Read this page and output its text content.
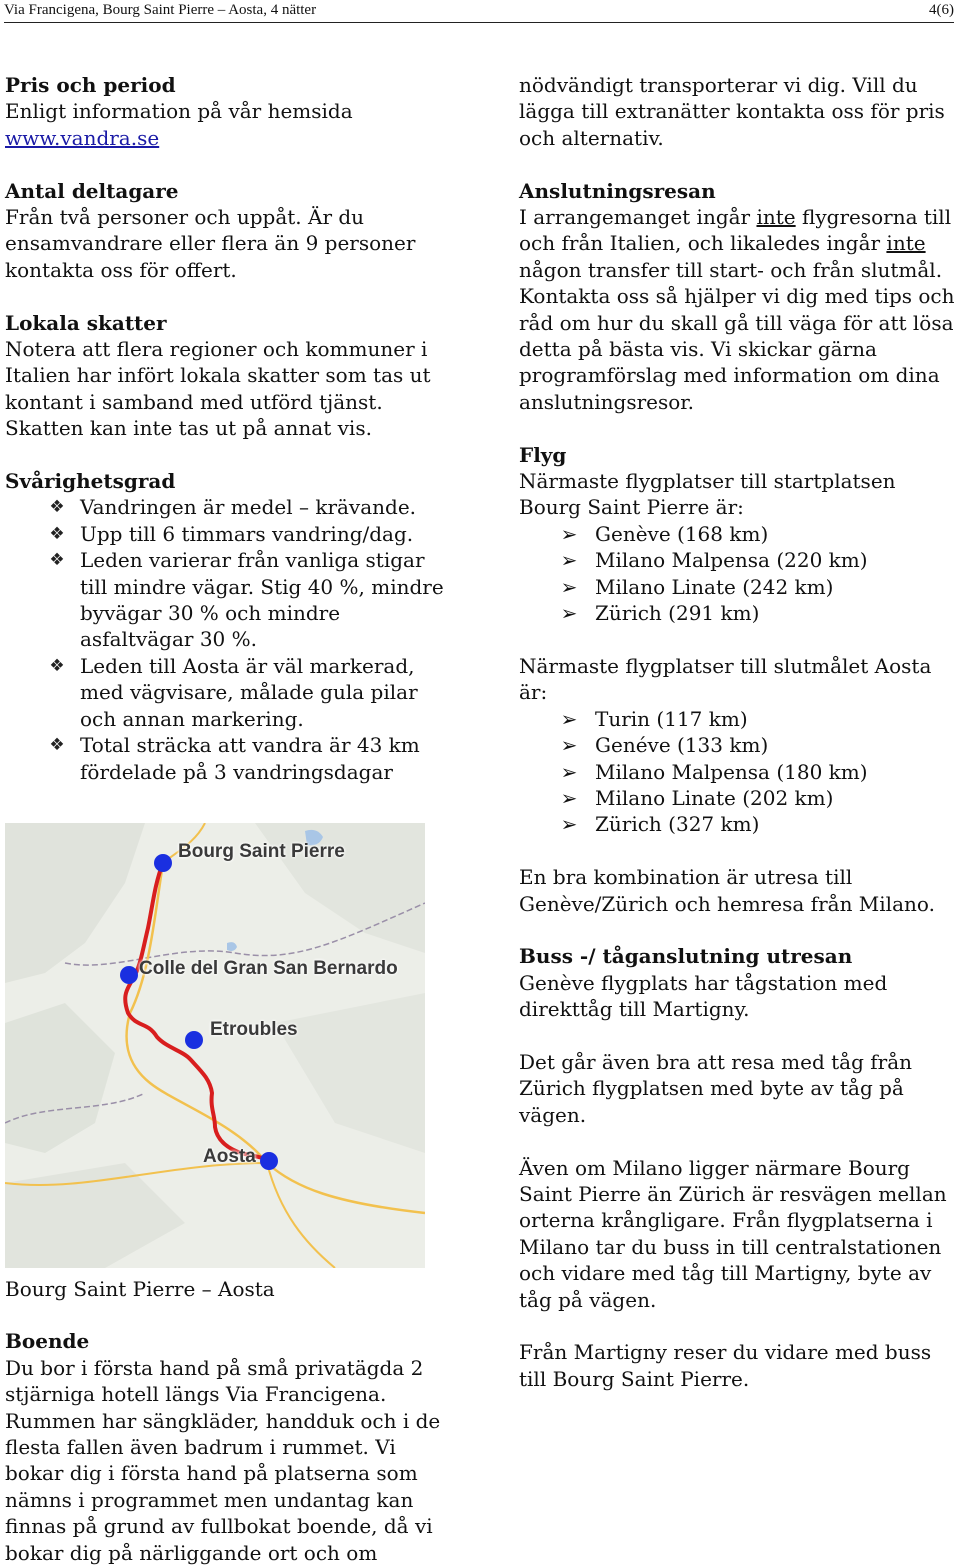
Via Francigena, Bourg Saint Pierre – Aosta, 4 nätter	4(6)
Pris och period

Enligt information på vår hemsida

www.vandra.se
Antal deltagare

Från två personer och uppåt. Är du ensamvandrare eller flera än 9 personer kontakta oss för offert.

Lokala skatter

Notera att flera regioner och kommuner i Italien har infört lokala skatter som tas ut kontant i samband med utförd tjänst. Skatten kan inte tas ut på annat vis.

Svårighetsgrad
❖ Vandringen är medel – krävande.
❖ Upp till 6 timmars vandring/dag.
❖ Leden varierar från vanliga stigar till mindre vägar. Stig 40 %, mindre byvägar 30 % och mindre asfaltvägar 30 %.
❖ Leden till Aosta är väl markerad, med vägvisare, målade gula pilar och annan markering.
❖ Total sträcka att vandra är 43 km fördelade på 3 vandringsdagar
Bourg Saint Pierre
Colle del Gran San Bernardo
Etroubles
Aosta
Bourg Saint Pierre – Aosta
Boende

Du bor i första hand på små privatägda 2 stjärniga hotell längs Via Francigena. Rummen har sängkläder, handduk och i de flesta fallen även badrum i rummet. Vi bokar dig i första hand på platserna som nämns i programmet men undantag kan finnas på grund av fullbokat boende, då vi bokar dig på närliggande ort och om

nödvändigt transporterar vi dig. Vill du lägga till extranätter kontakta oss för pris och alternativ.

Anslutningsresan

I arrangemanget ingår inte flygresorna till och från Italien, och likaledes ingår inte någon transfer till start- och från slutmål.

Kontakta oss så hjälper vi dig med tips och råd om hur du skall gå till väga för att lösa detta på bästa vis. Vi skickar gärna programförslag med information om dina anslutningsresor.

Flyg

Närmaste flygplatser till startplatsen Bourg Saint Pierre är:

➢ Genève (168 km)
➢ Milano Malpensa (220 km)
➢ Milano Linate (242 km)
➢ Zürich (291 km)

Närmaste flygplatser till slutmålet Aosta är:

➢ Turin (117 km)
➢ Genéve (133 km)
➢ Milano Malpensa (180 km)
➢ Milano Linate (202 km)
➢ Zürich (327 km)

En bra kombination är utresa till Genève/Zürich och hemresa från Milano.

Buss -/ tåganslutning utresan

Genève flygplats har tågstation med direkttåg till Martigny.

Det går även bra att resa med tåg från Zürich flygplatsen med byte av tåg på vägen.

Även om Milano ligger närmare Bourg Saint Pierre än Zürich är resvägen mellan orterna krångligare. Från flygplatserna i Milano tar du buss in till centralstationen och vidare med tåg till Martigny, byte av tåg på vägen.

Från Martigny reser du vidare med buss till Bourg Saint Pierre.
